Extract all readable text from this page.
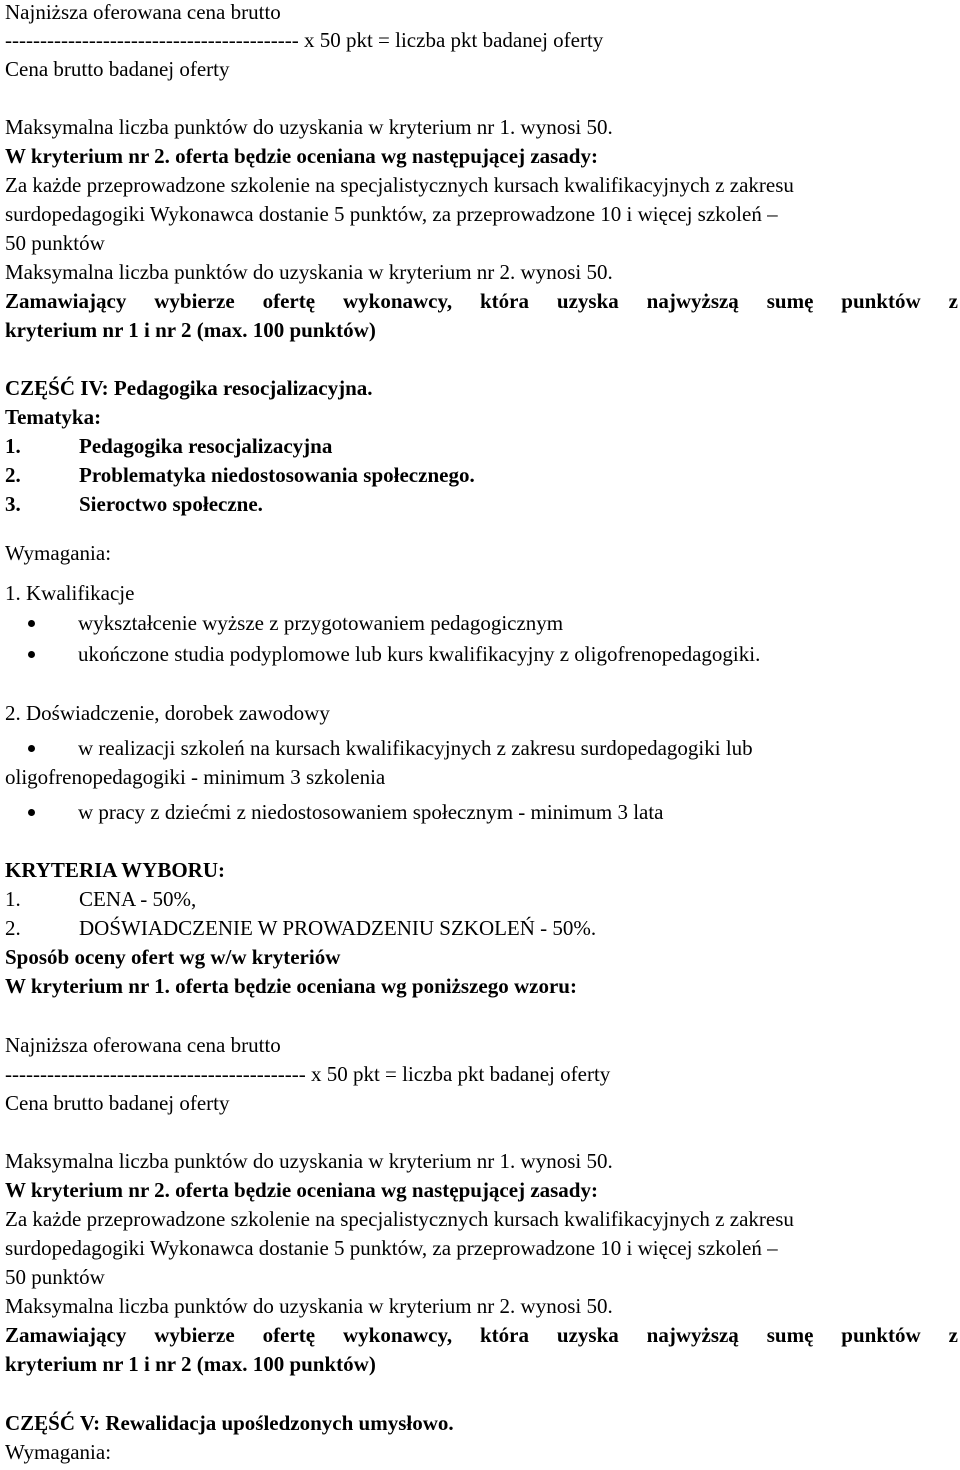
Najniższa oferowana cena brutto

------------------------------------------ x 50 pkt = liczba pkt badanej oferty

Cena brutto badanej oferty

Maksymalna liczba punktów do uzyskania w kryterium nr 1. wynosi 50.

W kryterium nr 2. oferta będzie oceniana wg następującej zasady:

Za każde przeprowadzone szkolenie na specjalistycznych kursach kwalifikacyjnych z zakresu

surdopedagogiki Wykonawca dostanie 5 punktów, za przeprowadzone 10 i więcej szkoleń –

50 punktów

Maksymalna liczba punktów do uzyskania w kryterium nr 2. wynosi 50.

Zamawiający wybierze ofertę wykonawcy, która uzyska najwyższą sumę punktów z

kryterium nr 1 i nr 2 (max. 100 punktów)

CZĘŚĆ IV: Pedagogika resocjalizacyjna.

Tematyka:

1.	Pedagogika resocjalizacyjna

2.	Problematyka niedostosowania społecznego.

3.	Sieroctwo społeczne.

Wymagania:

1. Kwalifikacje

wykształcenie wyższe z przygotowaniem pedagogicznym

ukończone studia podyplomowe lub kurs kwalifikacyjny z oligofrenopedagogiki.

2. Doświadczenie, dorobek zawodowy

w realizacji szkoleń na kursach kwalifikacyjnych z zakresu surdopedagogiki lub

oligofrenopedagogiki - minimum 3 szkolenia

w pracy z dziećmi z niedostosowaniem społecznym - minimum 3 lata

KRYTERIA WYBORU:

1.	CENA - 50%,

2.	DOŚWIADCZENIE W PROWADZENIU SZKOLEŃ - 50%.

Sposób oceny ofert wg w/w kryteriów

W kryterium nr 1. oferta będzie oceniana wg poniższego wzoru:

Najniższa oferowana cena brutto

------------------------------------------- x 50 pkt = liczba pkt badanej oferty

Cena brutto badanej oferty

Maksymalna liczba punktów do uzyskania w kryterium nr 1. wynosi 50.

W kryterium nr 2. oferta będzie oceniana wg następującej zasady:

Za każde przeprowadzone szkolenie na specjalistycznych kursach kwalifikacyjnych z zakresu

surdopedagogiki Wykonawca dostanie 5 punktów, za przeprowadzone 10 i więcej szkoleń –

50 punktów

Maksymalna liczba punktów do uzyskania w kryterium nr 2. wynosi 50.

Zamawiający wybierze ofertę wykonawcy, która uzyska najwyższą sumę punktów z

kryterium nr 1 i nr 2 (max. 100 punktów)

CZĘŚĆ V: Rewalidacja upośledzonych umysłowo.

Wymagania:
